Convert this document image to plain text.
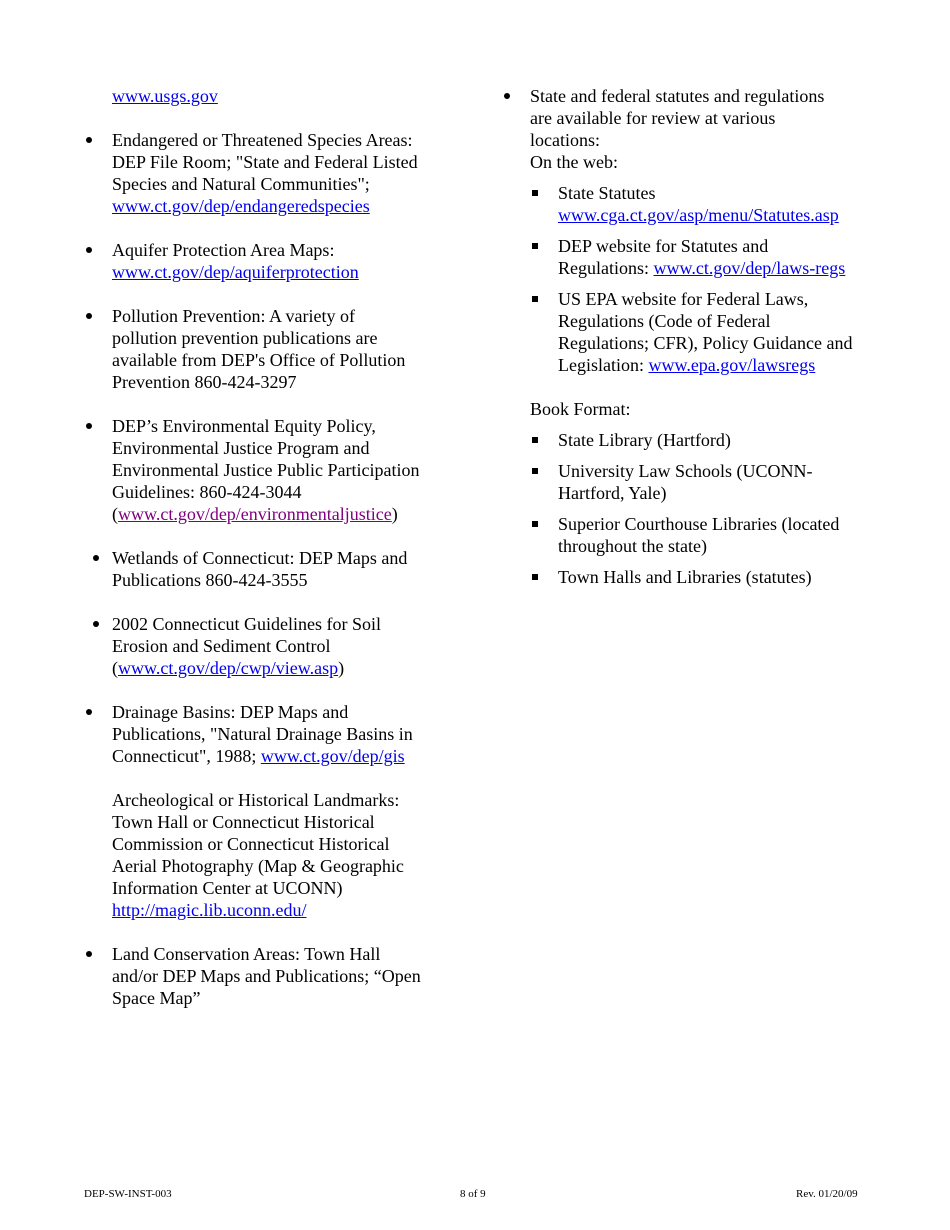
www.usgs.gov
Endangered or Threatened Species Areas:
DEP File Room; "State and Federal Listed
Species and Natural Communities";
www.ct.gov/dep/endangeredspecies
Aquifer Protection Area Maps:
www.ct.gov/dep/aquiferprotection
Pollution Prevention: A variety of
pollution prevention publications are
available from DEP's Office of Pollution
Prevention 860-424-3297
DEP’s Environmental Equity Policy,
Environmental Justice Program and
Environmental Justice Public Participation
Guidelines: 860-424-3044
(www.ct.gov/dep/environmentaljustice)
Wetlands of Connecticut: DEP Maps and
Publications 860-424-3555
2002 Connecticut Guidelines for Soil
Erosion and Sediment Control
(www.ct.gov/dep/cwp/view.asp)
Drainage Basins: DEP Maps and
Publications, "Natural Drainage Basins in
Connecticut", 1988; www.ct.gov/dep/gis
Archeological or Historical Landmarks:
Town Hall or Connecticut Historical
Commission or Connecticut Historical
Aerial Photography (Map & Geographic
Information Center at UCONN)
http://magic.lib.uconn.edu/
Land Conservation Areas: Town Hall
and/or DEP Maps and Publications; “Open
Space Map”
State and federal statutes and regulations
are available for review at various
locations:
On the web:
State Statutes
www.cga.ct.gov/asp/menu/Statutes.asp
DEP website for Statutes and
Regulations: www.ct.gov/dep/laws-regs
US EPA website for Federal Laws,
Regulations (Code of Federal
Regulations; CFR), Policy Guidance and
Legislation: www.epa.gov/lawsregs
Book Format:
State Library (Hartford)
University Law Schools (UCONN-
Hartford, Yale)
Superior Courthouse Libraries (located
throughout the state)
Town Halls and Libraries (statutes)
DEP-SW-INST-003	8 of 9	Rev. 01/20/09
